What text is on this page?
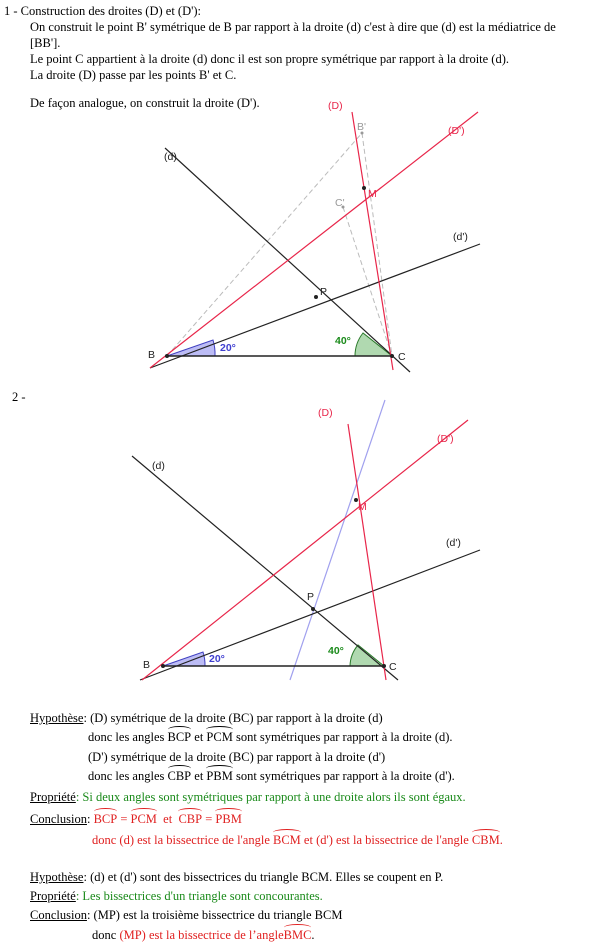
1 - Construction des droites (D) et (D'):
On construit le point B' symétrique de B par rapport à la droite (d) c'est à dire que (d) est la médiatrice de
[BB'].
Le point C appartient à la droite (d) donc il est son propre symétrique par rapport à la droite (d).
La droite (D) passe par les points B' et C.
De façon analogue, on construit la droite (D').	(D)
(D')
(d)
(d')
B'
C'
M
P
B	C
20°
40°
2 -
(D)
(D')
(d)
(d')
M
P
B	C
20°
40°
Hypothèse: (D) symétrique de la droite (BC) par rapport à la droite (d)
donc les angles BCP et PCM sont symétriques par rapport à la droite (d).
(D') symétrique de la droite (BC) par rapport à la droite (d')
donc les angles CBP et PBM sont symétriques par rapport à la droite (d').
Propriété: Si deux angles sont symétriques par rapport à une droite alors ils sont égaux.
Conclusion: BCP = PCM et CBP = PBM
donc (d) est la bissectrice de l'angle BCM et (d') est la bissectrice de l'angle CBM.
Hypothèse: (d) et (d') sont des bissectrices du triangle BCM. Elles se coupent en P.
Propriété: Les bissectrices d'un triangle sont concourantes.
Conclusion: (MP) est la troisième bissectrice du triangle BCM
donc (MP) est la bissectrice de l’angleBMC.
